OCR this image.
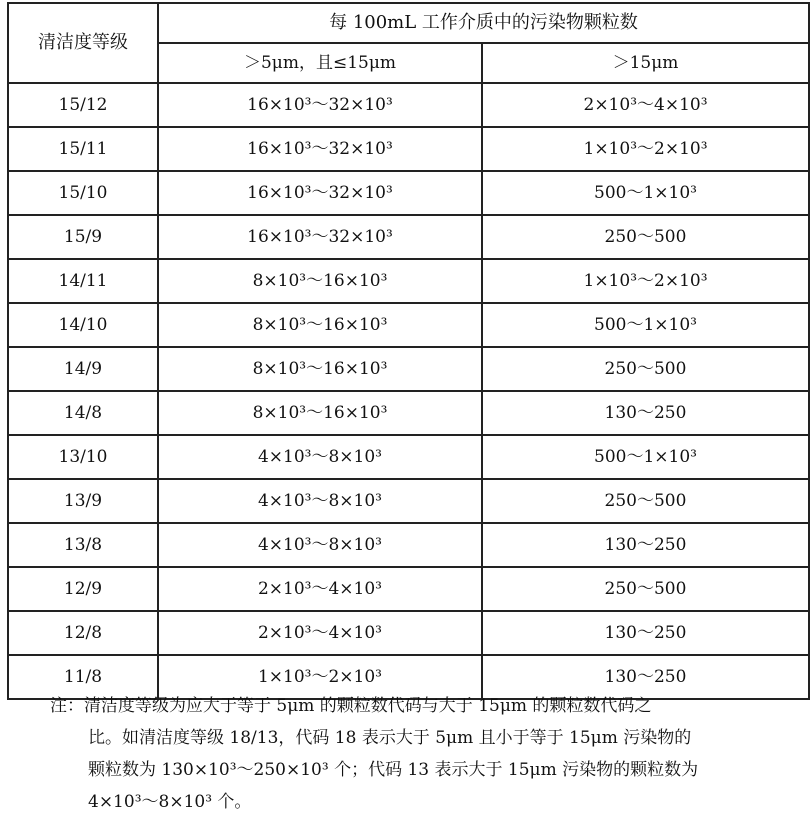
清洁度等级	每 100mL 工作介质中的污染物颗粒数	
	＞5μm，且≤15μm	＞15μm
15/12	16×10³～32×10³	2×10³～4×10³
15/11	16×10³～32×10³	1×10³～2×10³
15/10	16×10³～32×10³	500～1×10³
15/9	16×10³～32×10³	250～500
14/11	8×10³～16×10³	1×10³～2×10³
14/10	8×10³～16×10³	500～1×10³
14/9	8×10³～16×10³	250～500
14/8	8×10³～16×10³	130～250
13/10	4×10³～8×10³	500～1×10³
13/9	4×10³～8×10³	250～500
13/8	4×10³～8×10³	130～250
12/9	2×10³～4×10³	250～500
12/8	2×10³～4×10³	130～250
11/8	1×10³～2×10³	130～250

注：清洁度等级为应大于等于 5μm 的颗粒数代码与大于 15μm 的颗粒数代码之

比。如清洁度等级 18/13，代码 18 表示大于 5μm 且小于等于 15μm 污染物的

颗粒数为 130×10³～250×10³ 个；代码 13 表示大于 15μm 污染物的颗粒数为

4×10³～8×10³ 个。
